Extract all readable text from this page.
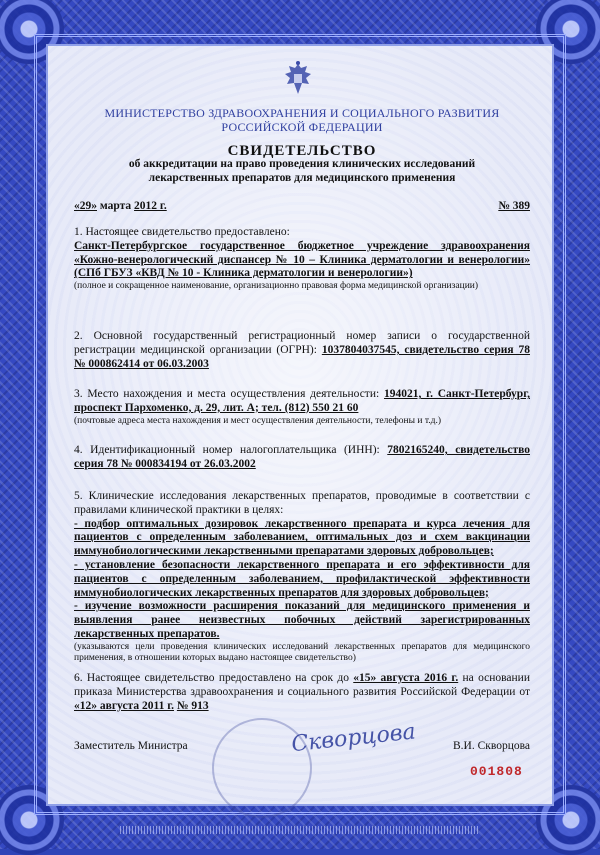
МИНИСТЕРСТВО ЗДРАВООХРАНЕНИЯ И СОЦИАЛЬНОГО РАЗВИТИЯ
РОССИЙСКОЙ ФЕДЕРАЦИИ
СВИДЕТЕЛЬСТВО
об аккредитации на право проведения клинических исследований
лекарственных препаратов для медицинского применения
«29» марта 2012 г.	№ 389
1. Настоящее свидетельство предоставлено:
Санкт-Петербургское государственное бюджетное учреждение здравоохранения «Кожно-венерологический диспансер № 10 – Клиника дерматологии и венерологии» (СПб ГБУЗ «КВД № 10 - Клиника дерматологии и венерологии»)
(полное и сокращенное наименование, организационно правовая форма медицинской организации)
2. Основной государственный регистрационный номер записи о государственной регистрации медицинской организации (ОГРН): 1037804037545, свидетельство серия 78 № 000862414 от 06.03.2003
3. Место нахождения и места осуществления деятельности: 194021, г. Санкт-Петербург, проспект Пархоменко, д. 29, лит. А; тел. (812) 550 21 60
(почтовые адреса места нахождения и мест осуществления деятельности, телефоны и т.д.)
4. Идентификационный номер налогоплательщика (ИНН): 7802165240, свидетельство серия 78 № 000834194 от 26.03.2002
5. Клинические исследования лекарственных препаратов, проводимые в соответствии с правилами клинической практики в целях:
- подбор оптимальных дозировок лекарственного препарата и курса лечения для пациентов с определенным заболеванием, оптимальных доз и схем вакцинации иммунобиологическими лекарственными препаратами здоровых добровольцев;
- установление безопасности лекарственного препарата и его эффективности для пациентов с определенным заболеванием, профилактической эффективности иммунобиологических лекарственных препаратов для здоровых добровольцев;
- изучение возможности расширения показаний для медицинского применения и выявления ранее неизвестных побочных действий зарегистрированных лекарственных препаратов.
(указываются цели проведения клинических исследований лекарственных препаратов для медицинского применения, в отношении которых выдано настоящее свидетельство)
6. Настоящее свидетельство предоставлено на срок до «15» августа 2016 г. на основании приказа Министерства здравоохранения и социального развития Российской Федерации от «12» августа 2011 г. № 913
Скворцова
Заместитель Министра	В.И. Скворцова
001808
